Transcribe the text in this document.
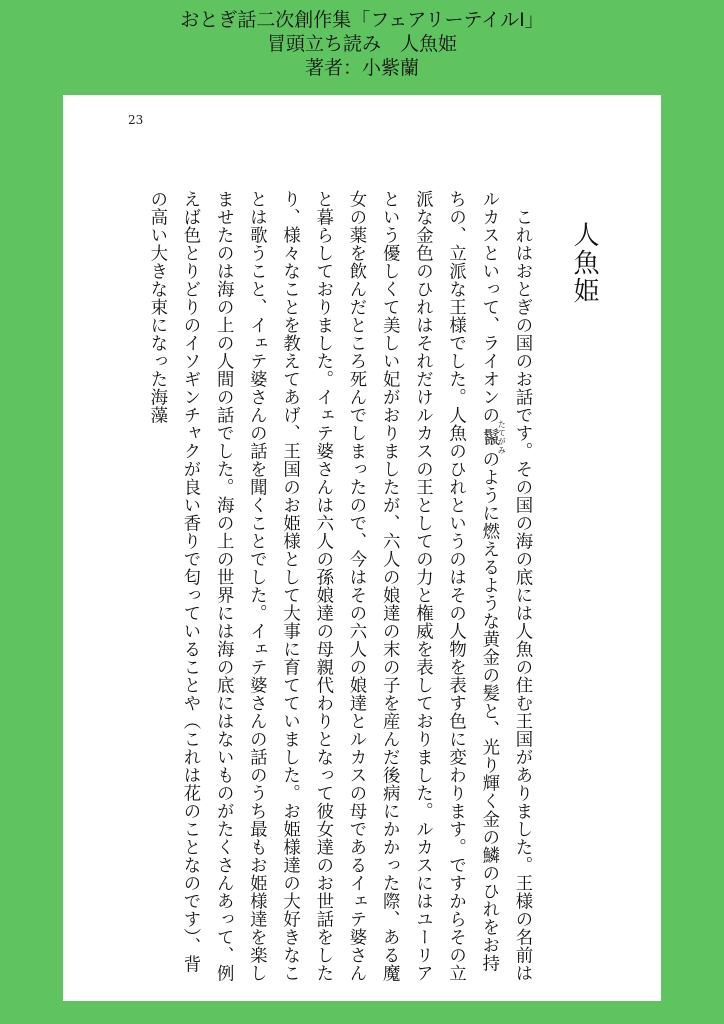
おとぎ話二次創作集「フェアリーテイルI」
冒頭立ち読み　人魚姫
著者：小紫蘭
23
人魚姫
　これはおとぎの国のお話です。その国の海の底には人魚の住む王国がありました。王様の名前はルカスといって、ライオンの鬣たてがみのように燃えるような黄金の髪と、光り輝く金の鱗のひれをお持ちの、立派な王様でした。人魚のひれというのはその人物を表す色に変わります。ですからその立派な金色のひれはそれだけルカスの王としての力と権威を表しておりました。ルカスにはユーリアという優しくて美しい妃がおりましたが、六人の娘達の末の子を産んだ後病にかかった際、ある魔女の薬を飲んだところ死んでしまったので、今はその六人の娘達とルカスの母であるイェテ婆さんと暮らしておりました。イェテ婆さんは六人の孫娘達の母親代わりとなって彼女達のお世話をしたり、様々なことを教えてあげ、王国のお姫様として大事に育てていました。お姫様達の大好きなことは歌うこと、イェテ婆さんの話を聞くことでした。イェテ婆さんの話のうち最もお姫様達を楽しませたのは海の上の人間の話でした。海の上の世界には海の底にはないものがたくさんあって、例えば色とりどりのイソギンチャクが良い香りで匂っていることや（これは花のことなのです）、背の高い大きな束になった海藻
